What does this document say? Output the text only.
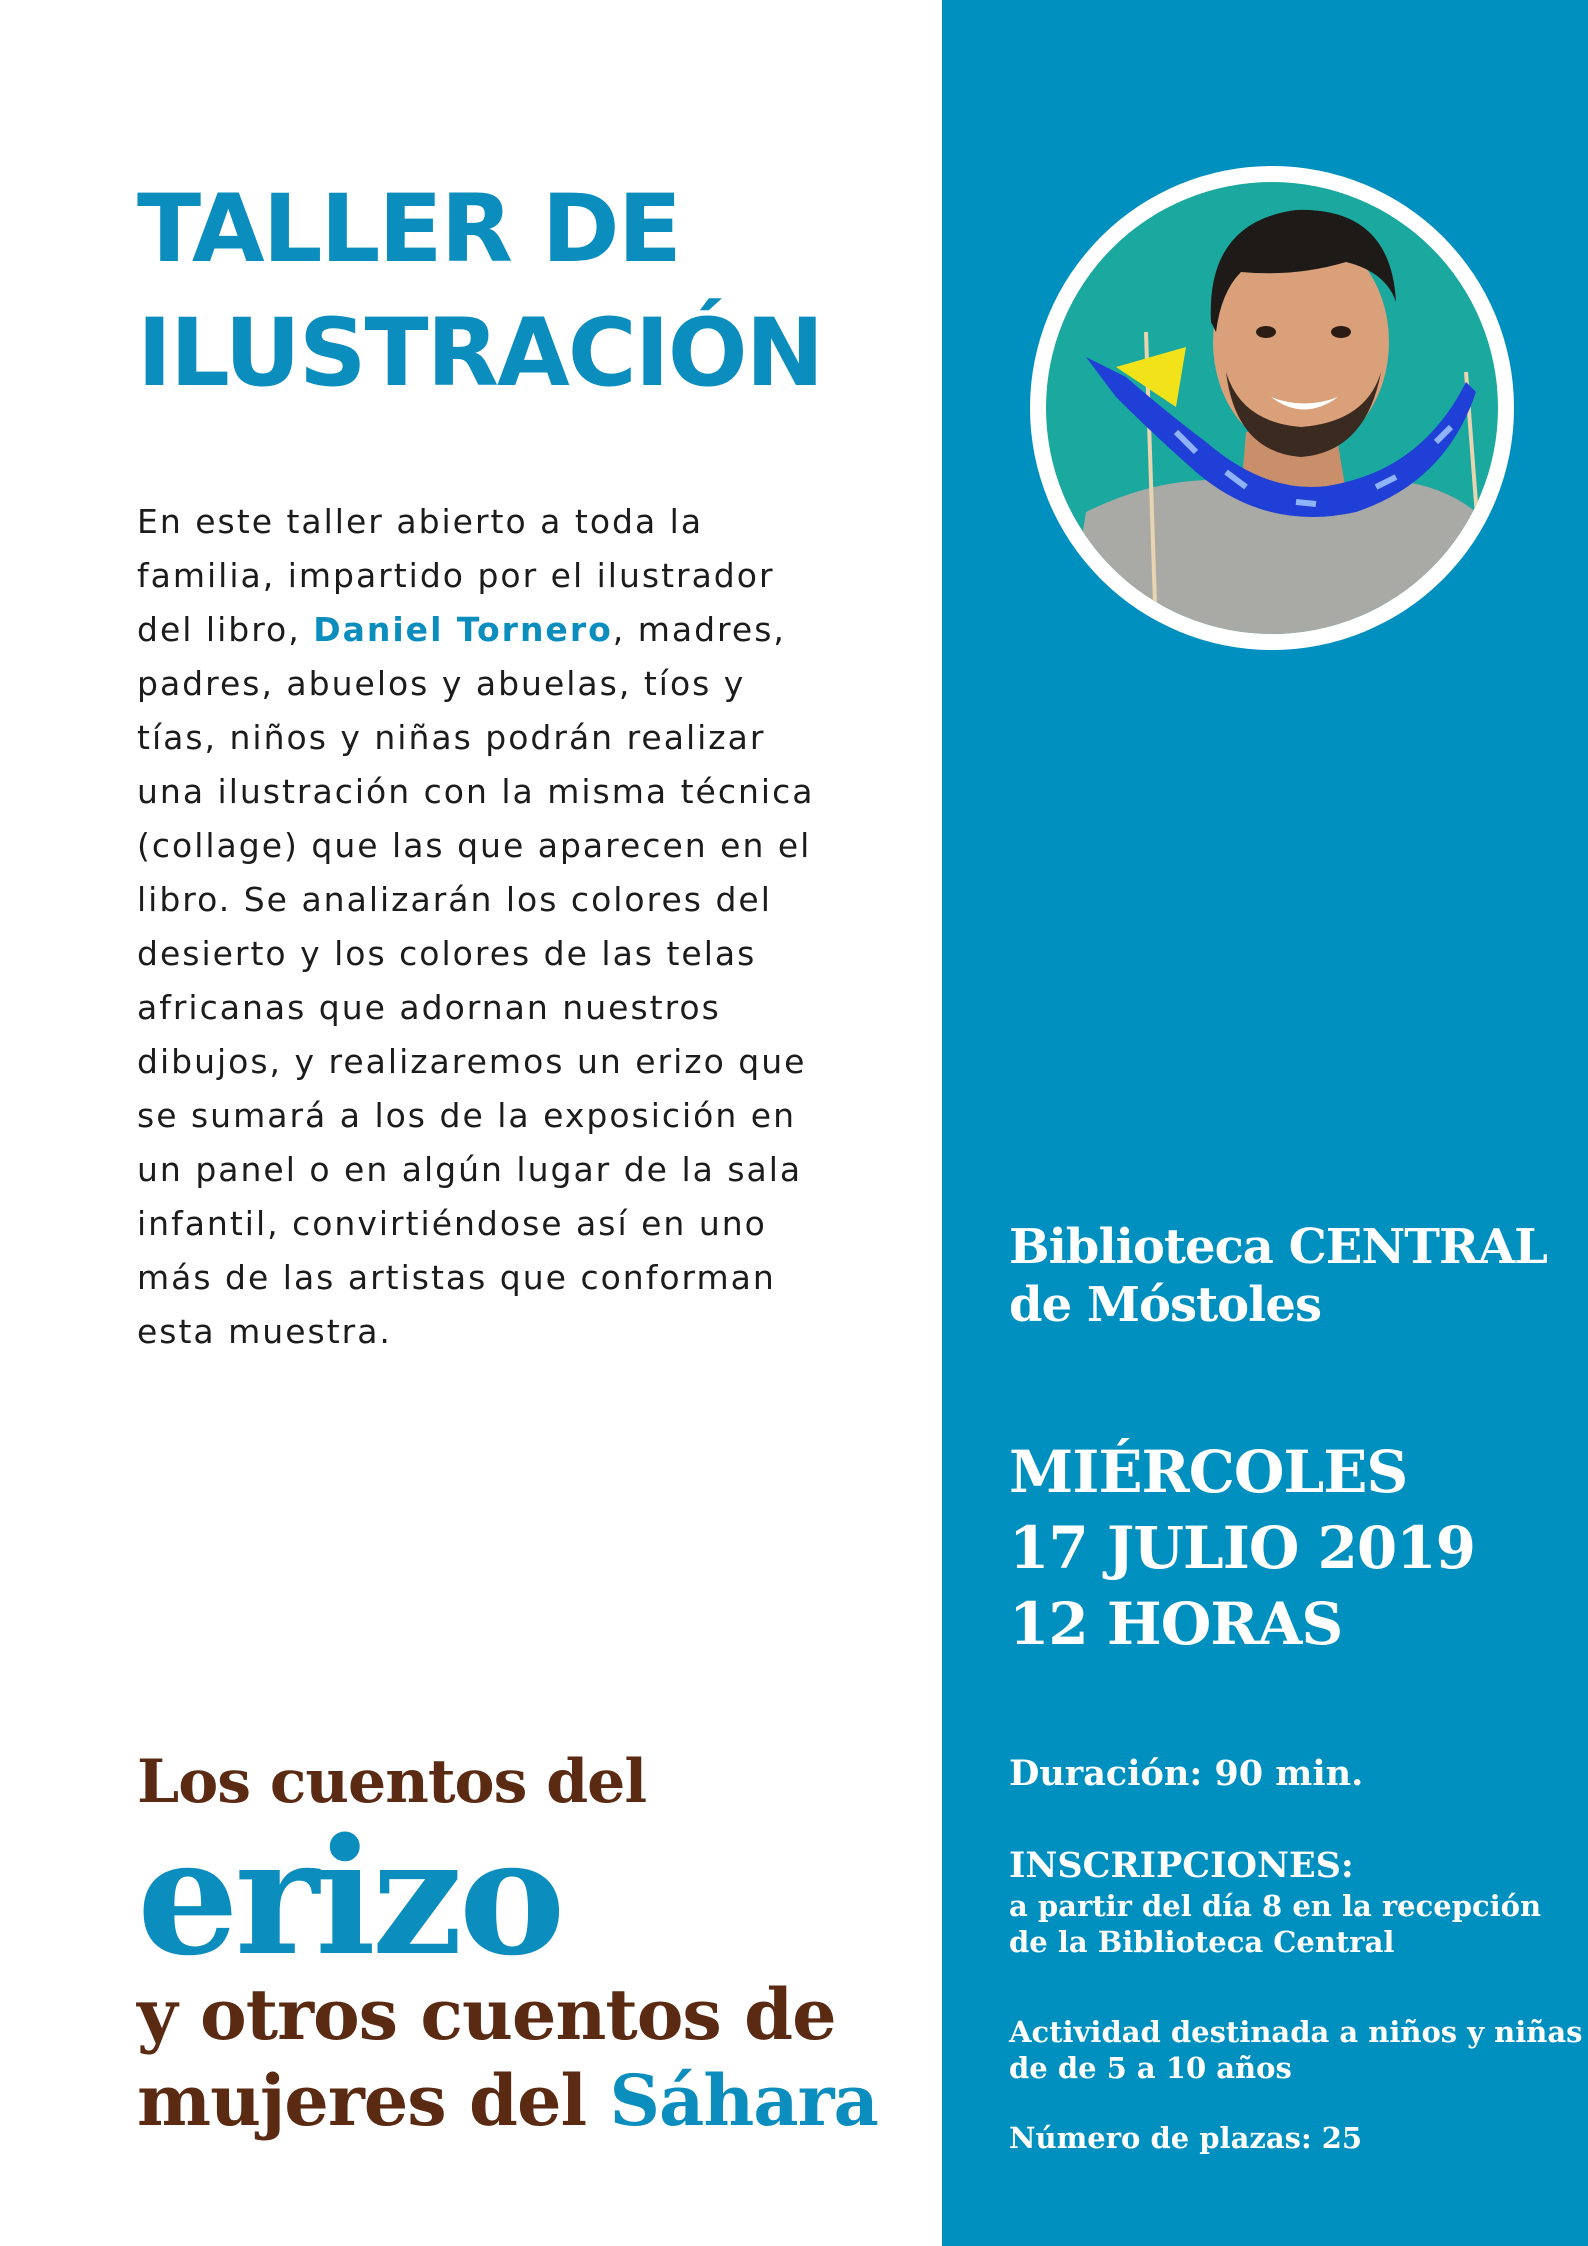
TALLER DE
ILUSTRACIÓN

En este taller abierto a toda la familia, impartido por el ilustrador del libro, Daniel Tornero, madres, padres, abuelos y abuelas, tíos y tías, niños y niñas podrán realizar una ilustración con la misma técnica (collage) que las que aparecen en el libro. Se analizarán los colores del desierto y los colores de las telas africanas que adornan nuestros dibujos, y realizaremos un erizo que se sumará a los de la exposición en un panel o en algún lugar de la sala infantil, convirtiéndose así en uno más de las artistas que conforman esta muestra.

Los cuentos del
erizo
y otros cuentos de
mujeres del Sáhara
Biblioteca CENTRAL
de Móstoles
MIÉRCOLES
17 JULIO 2019
12 HORAS
Duración: 90 min.
INSCRIPCIONES:
a partir del día 8 en la recepción
de la Biblioteca Central
Actividad destinada a niños y niñas
de de 5 a 10 años
Número de plazas: 25
